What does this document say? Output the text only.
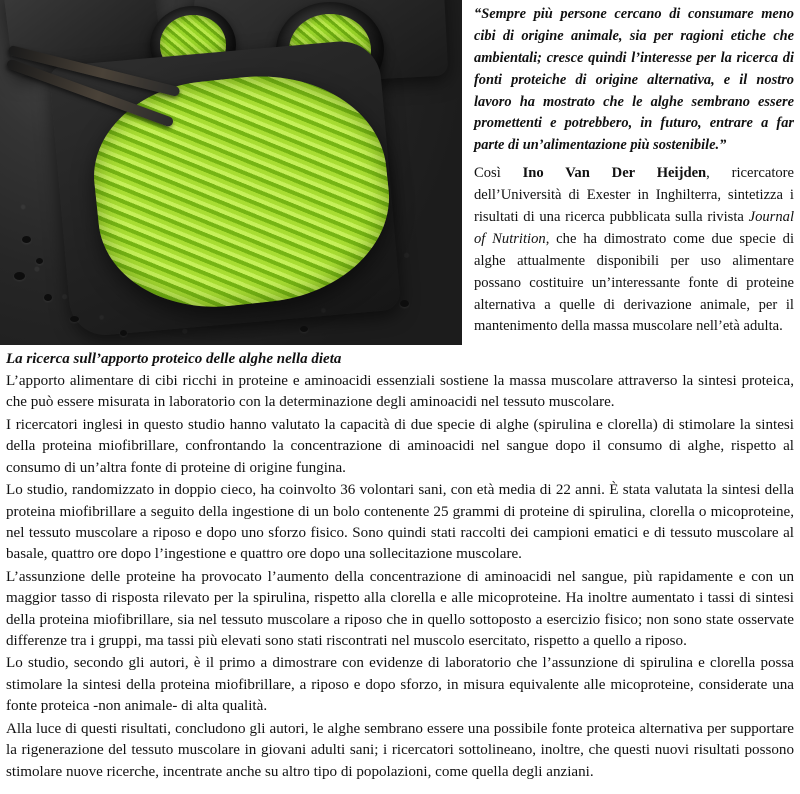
“Sempre più persone cercano di consumare meno cibi di origine animale, sia per ragioni etiche che ambientali; cresce quindi l’interesse per la ricerca di fonti proteiche di origine alternativa, e il nostro lavoro ha mostrato che le alghe sembrano essere promettenti e potrebbero, in futuro, entrare a far parte di un’alimentazione più sostenibile.”

Così Ino Van Der Heijden, ricercatore dell’Università di Exester in Inghilterra, sintetizza i risultati di una ricerca pubblicata sulla rivista Journal of Nutrition, che ha dimostrato come due specie di alghe attualmente disponibili per uso alimentare possano costituire un’interessante fonte di proteine alternativa a quelle di derivazione animale, per il mantenimento della massa muscolare nell’età adulta.

La ricerca sull’apporto proteico delle alghe nella dieta

L’apporto alimentare di cibi ricchi in proteine e aminoacidi essenziali sostiene la massa muscolare attraverso la sintesi proteica, che può essere misurata in laboratorio con la determinazione degli aminoacidi nel tessuto muscolare.

I ricercatori inglesi in questo studio hanno valutato la capacità di due specie di alghe (spirulina e clorella) di stimolare la sintesi della proteina miofibrillare, confrontando la concentrazione di aminoacidi nel sangue dopo il consumo di alghe, rispetto al consumo di un’altra fonte di proteine di origine fungina.

Lo studio, randomizzato in doppio cieco, ha coinvolto 36 volontari sani, con età media di 22 anni. È stata valutata la sintesi della proteina miofibrillare a seguito della ingestione di un bolo contenente 25 grammi di proteine di spirulina, clorella o micoproteine, nel tessuto muscolare a riposo e dopo uno sforzo fisico. Sono quindi stati raccolti dei campioni ematici e di tessuto muscolare al basale, quattro ore dopo l’ingestione e quattro ore dopo una sollecitazione muscolare.

L’assunzione delle proteine ha provocato l’aumento della concentrazione di aminoacidi nel sangue, più rapidamente e con un maggior tasso di risposta rilevato per la spirulina, rispetto alla clorella e alle micoproteine. Ha inoltre aumentato i tassi di sintesi della proteina miofibrillare, sia nel tessuto muscolare a riposo che in quello sottoposto a esercizio fisico; non sono state osservate differenze tra i gruppi, ma tassi più elevati sono stati riscontrati nel muscolo esercitato, rispetto a quello a riposo.

Lo studio, secondo gli autori, è il primo a dimostrare con evidenze di laboratorio che l’assunzione di spirulina e clorella possa stimolare la sintesi della proteina miofibrillare, a riposo e dopo sforzo, in misura equivalente alle micoproteine, considerate una fonte proteica -non animale- di alta qualità.

Alla luce di questi risultati, concludono gli autori, le alghe sembrano essere una possibile fonte proteica alternativa per supportare la rigenerazione del tessuto muscolare in giovani adulti sani; i ricercatori sottolineano, inoltre, che questi nuovi risultati possono stimolare nuove ricerche, incentrate anche su altro tipo di popolazioni, come quella degli anziani.
